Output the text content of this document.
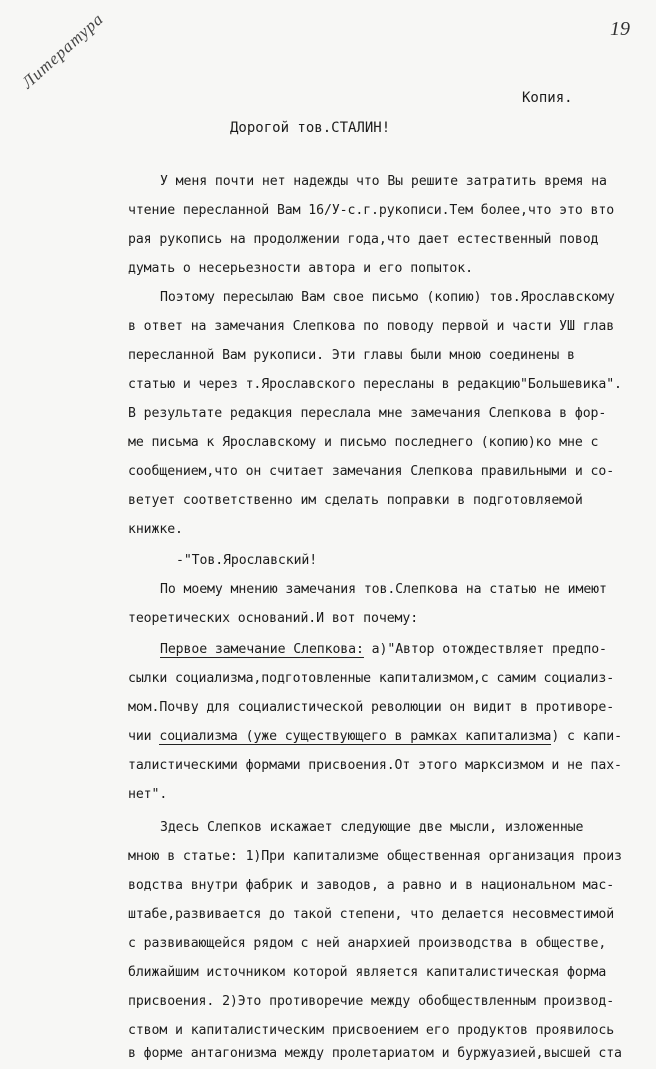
19
Литература
Копия.
Дорогой тов.СТАЛИН!
У меня почти нет надежды что Вы решите затратить время на
чтение пересланной Вам 16/У-с.г.рукописи.Тем более,что это вто
рая рукопись на продолжении года,что дает естественный повод
думать о несерьезности автора и его попыток.
Поэтому пересылаю Вам свое письмо (копию) тов.Ярославскому
в ответ на замечания Слепкова по поводу первой и части УШ глав
пересланной Вам рукописи. Эти главы были мною соединены в
статью и через т.Ярославского пересланы в редакцию"Большевика".
В результате редакция переслала мне замечания Слепкова в фор-
ме письма к Ярославскому и письмо последнего (копию)ко мне с
сообщением,что он считает замечания Слепкова правильными и со-
ветует соответственно им сделать поправки в подготовляемой
книжке.
-"Тов.Ярославский!
По моему мнению замечания тов.Слепкова на статью не имеют
теоретических оснований.И вот почему:
Первое замечание Слепкова: а)"Автор отождествляет предпо-
сылки социализма,подготовленные капитализмом,с самим социализ-
мом.Почву для социалистической революции он видит в противоре-
чии социализма (уже существующего в рамках капитализма) с капи-
талистическими формами присвоения.От этого марксизмом и не пах-
нет".
Здесь Слепков искажает следующие две мысли, изложенные
мною в статье: 1)При капитализме общественная организация произ
водства внутри фабрик и заводов, а равно и в национальном мас-
штабе,развивается до такой степени, что делается несовместимой
с развивающейся рядом с ней анархией производства в обществе,
ближайшим источником которой является капиталистическая форма
присвоения. 2)Это противоречие между обобществленным производ-
ством и капиталистическим присвоением его продуктов проявилось
в форме антагонизма между пролетариатом и буржуазией,высшей ста
